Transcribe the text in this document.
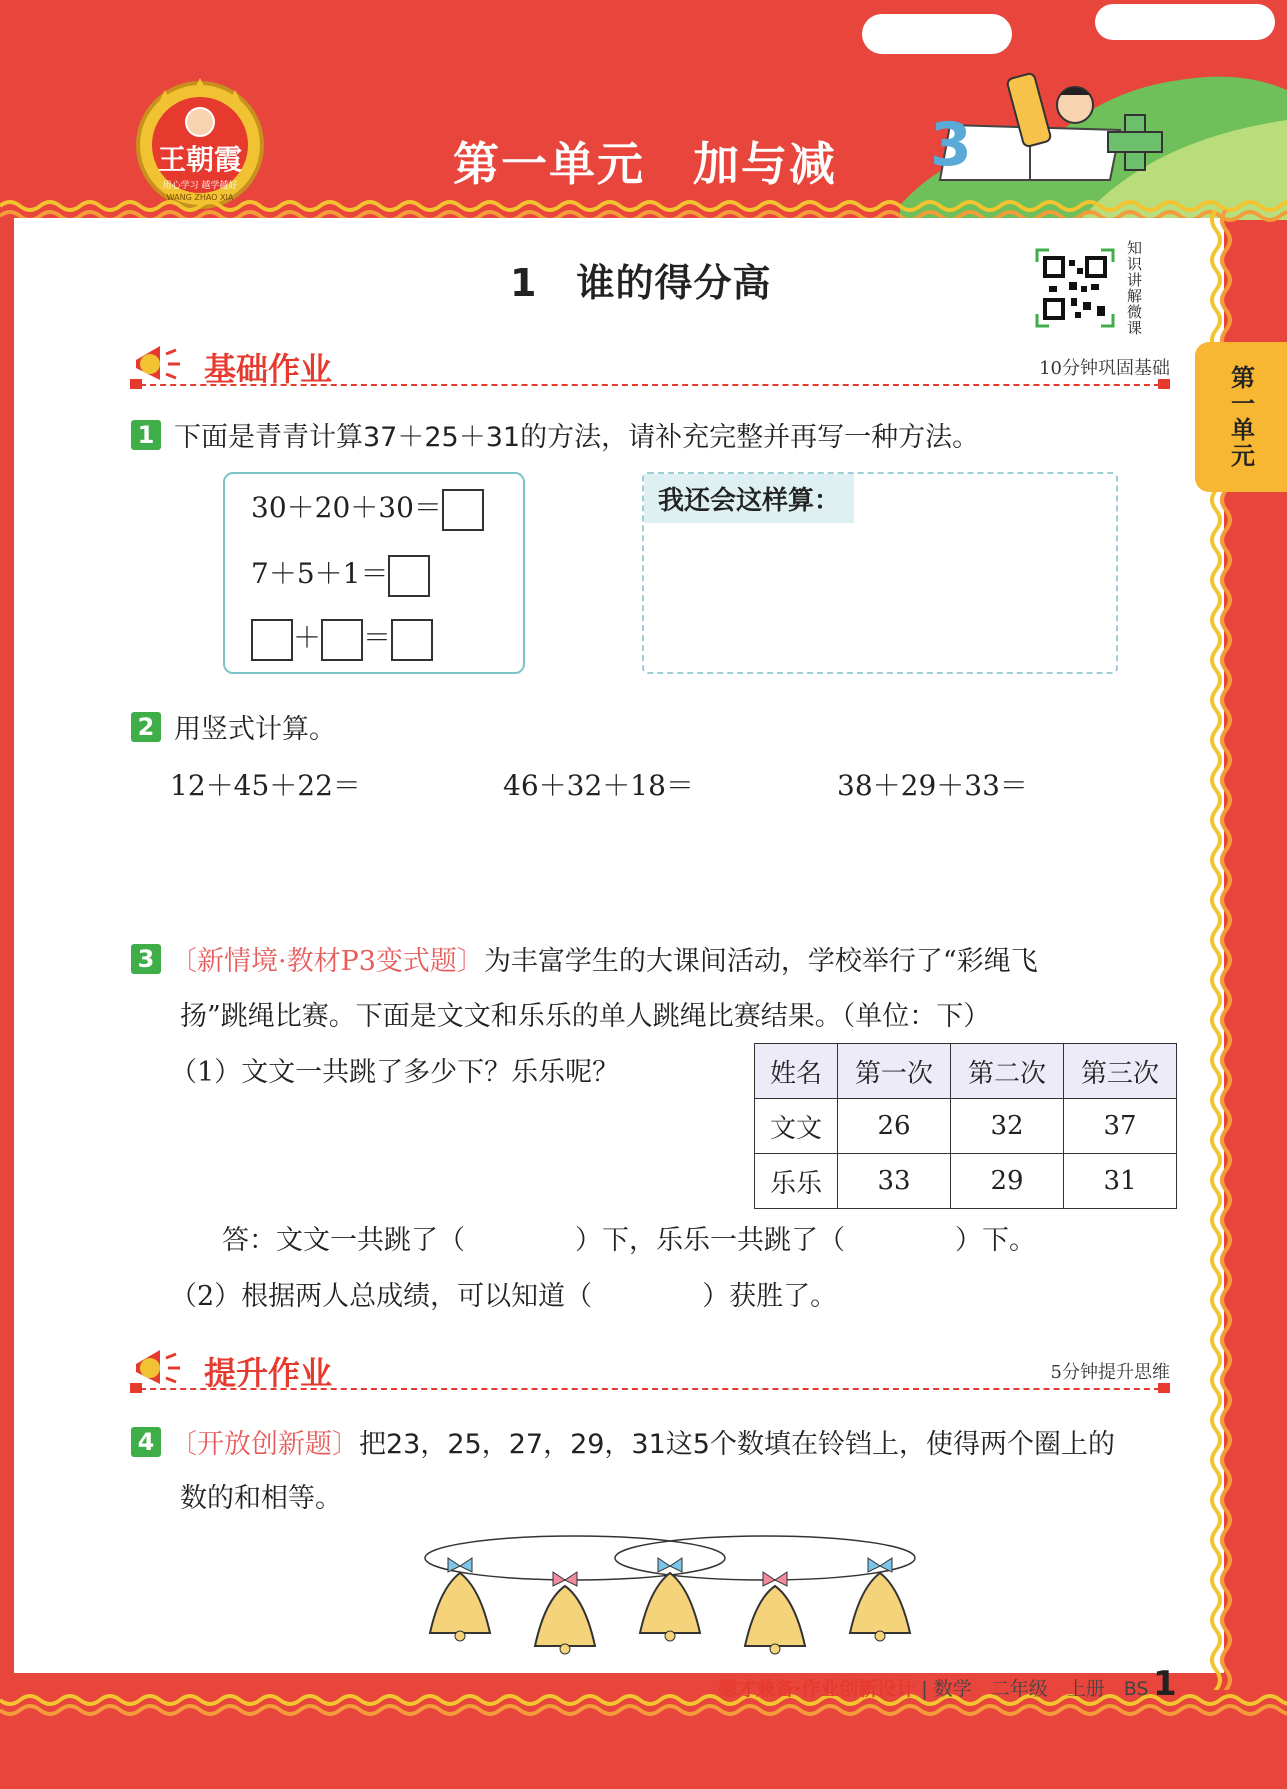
3
王朝霞
用心学习 越学越好
WANG ZHAO XIA
第一单元　加与减
第一单元
1　谁的得分高	知识讲解微课
基础作业	10分钟巩固基础
1 下面是青青计算37＋25＋31的方法，请补充完整并再写一种方法。
30＋20＋30＝
7＋5＋1＝
＋ ＝
我还会这样算：
2 用竖式计算。
12＋45＋22＝	46＋32＋18＝	38＋29＋33＝
3 〔新情境·教材P3变式题〕为丰富学生的大课间活动，学校举行了“彩绳飞
扬”跳绳比赛。下面是文文和乐乐的单人跳绳比赛结果。（单位：下）
（1）文文一共跳了多少下？乐乐呢？	姓名	第一次	第二次	第三次
文文	26	32	37
乐乐	33	29	31
答：文文一共跳了（	）下，乐乐一共跳了（	）下。
（2）根据两人总成绩，可以知道（	）获胜了。
提升作业	5分钟提升思维
4 〔开放创新题〕把23，25，27，29，31这5个数填在铃铛上，使得两个圈上的
数的和相等。
德才兼备·作业创新设计 | 数学　二年级　上册　BS 1
